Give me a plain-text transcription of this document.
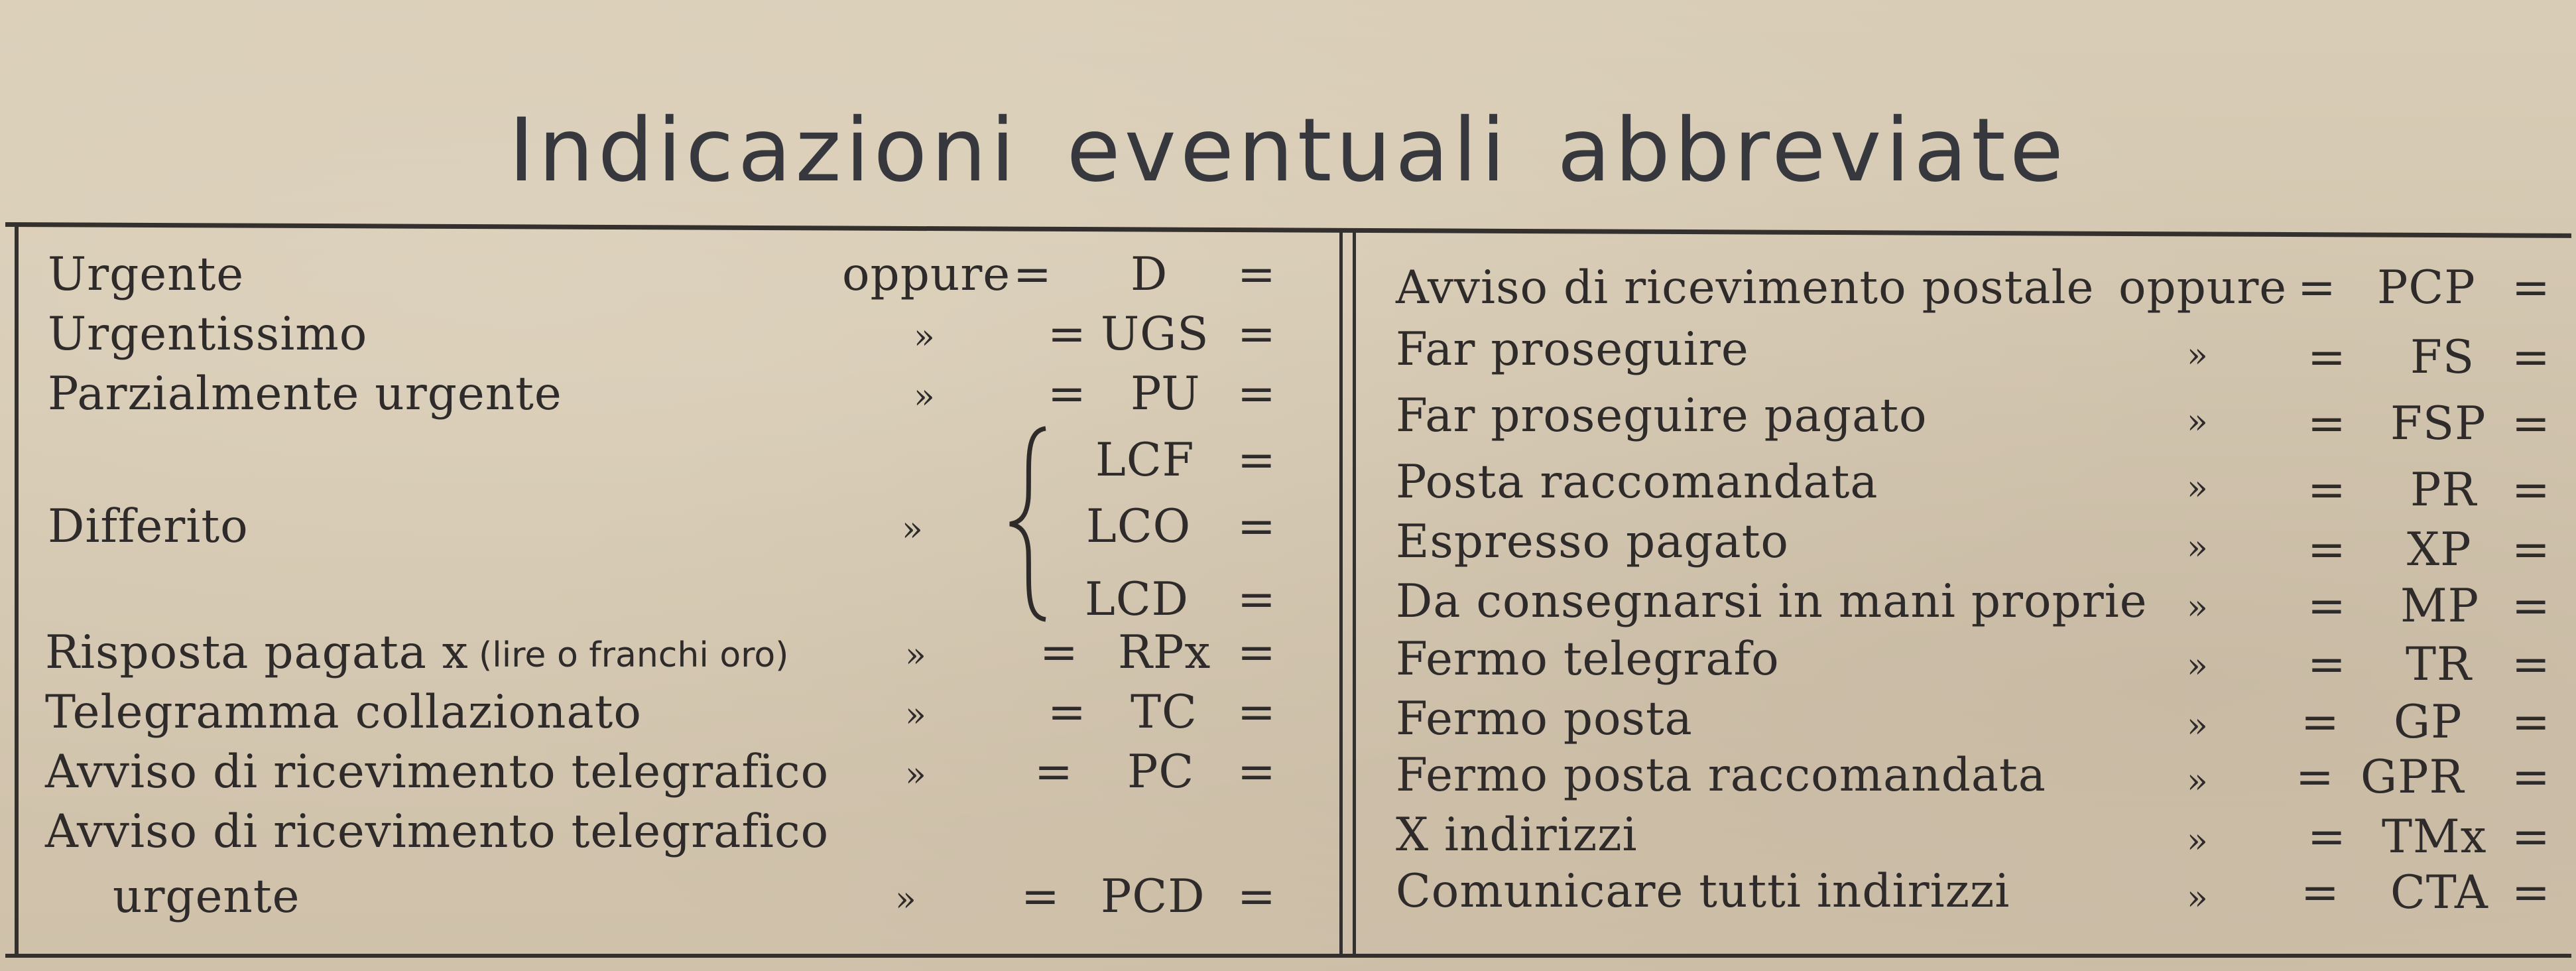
Indicazioni eventuali abbreviate
Urgente	oppure = D =
Urgentissimo	» = UGS =
Parzialmente urgente	» = PU =
Differito	»
LCF =
LCO =
LCD =
Risposta pagata x (lire o franchi oro)	» = RPx =
Telegramma collazionato	»	= TC =
Avviso di ricevimento telegrafico » = PC =
Avviso di ricevimento telegrafico
urgente	» = PCD =
Avviso di ricevimento postale oppure = PCP =
Far proseguire	» = FS =
Far proseguire pagato	» = FSP =
Posta raccomandata	» = PR =
Espresso pagato	» = XP =
Da consegnarsi in mani proprie » = MP =
Fermo telegrafo	» = TR =
Fermo posta	» = GP =
Fermo posta raccomandata	» = GPR =
X indirizzi	» = TMx =
Comunicare tutti indirizzi	» = CTA =
